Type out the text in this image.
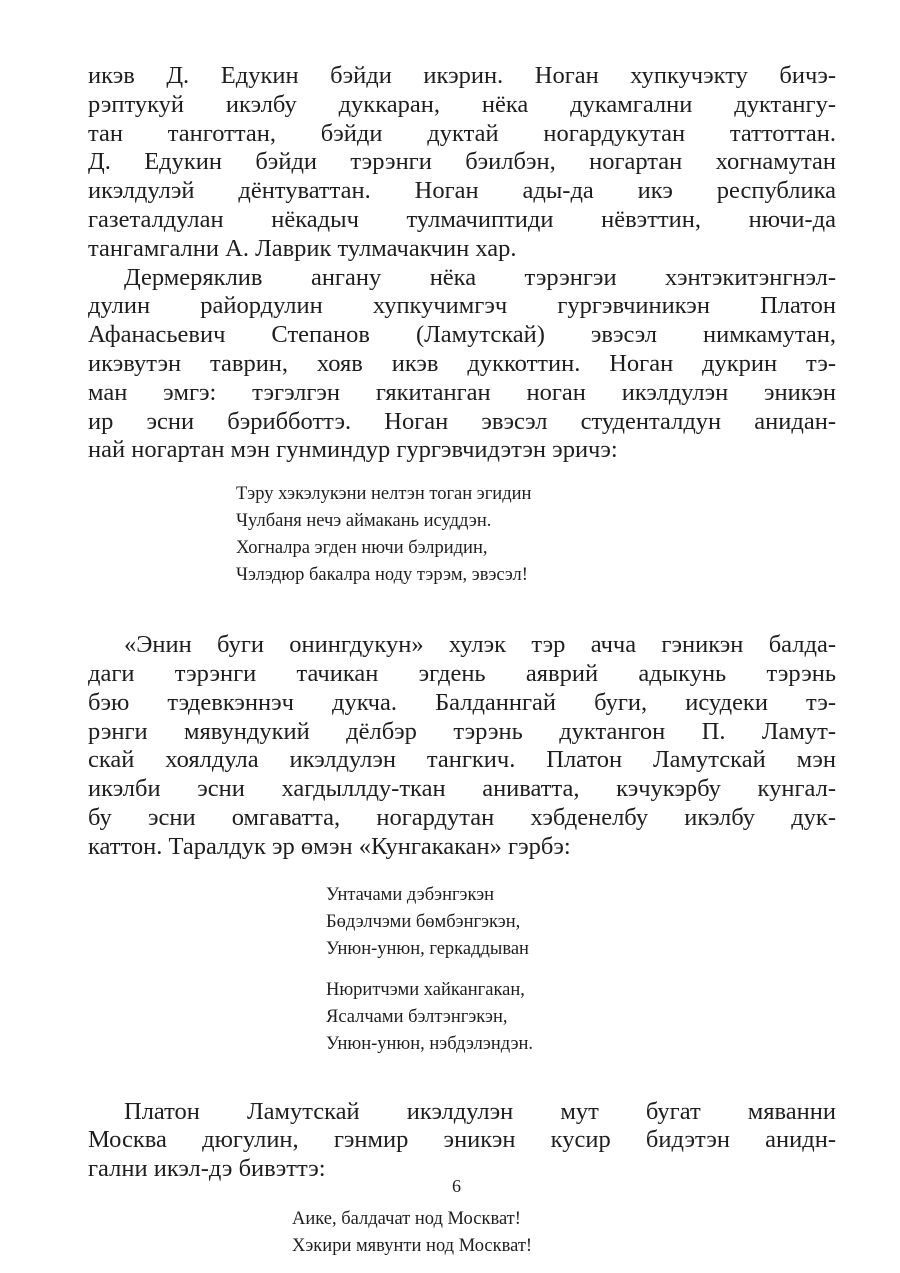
икэв Д. Едукин бэйди икэрин. Ноган хупкучэкту бичэ-
рэптукуй икэлбу дуккаран, нёка дукамгални дуктангу-
тан танготтан, бэйди дуктай ногардукутан таттоттан.
Д. Едукин бэйди тэрэнги бэилбэн, ногартан хогнамутан
икэлдулэй дёнтуваттан. Ноган ады-да икэ республика
газеталдулан нёкадыч тулмачиптиди нёвэттин, нючи-да
тангамгални А. Лаврик тулмачакчин хар.
Дермеряклив ангану нёка тэрэнгэи хэнтэкитэнгнэл-
дулин райордулин хупкучимгэч гургэвчиникэн Платон
Афанасьевич Степанов (Ламутскай) эвэсэл нимкамутан,
икэвутэн таврин, хояв икэв дуккоттин. Ноган дукрин тэ-
ман эмгэ: тэгэлгэн гякитанган ноган икэлдулэн эникэн
ир эсни бэрибботтэ. Ноган эвэсэл студенталдун анидан-
най ногартан мэн гунминдур гургэвчидэтэн эричэ:
Тэру хэкэлукэни нелтэн тоган эгидин
Чулбаня нечэ аймакань исуддэн.
Хогналра эгден нючи бэлридин,
Чэлэдюр бакалра ноду тэрэм, эвэсэл!
«Энин буги онингдукун» хулэк тэр аччa гэникэн балда-
даги тэрэнги тачикан эгдень аяврий адыкунь тэрэнь
бэю тэдевкэннэч дукча. Балданнгай буги, исудеки тэ-
рэнги мявундукий дёлбэр тэрэнь дуктангон П. Ламут-
скай хоялдула икэлдулэн тангкич. Платон Ламутскай мэн
икэлби эсни хагдыллду-ткан аниватта, кэчукэрбу кунгал-
бу эсни омгаватта, ногардутан хэбденелбу икэлбу дук-
каттон. Таралдук эр өмэн «Кунгакакан» гэрбэ:
Унтачами дэбэнгэкэн
Бөдэлчэми бөмбэнгэкэн,
Унюн-унюн, геркаддыван
Нюритчэми хайкангакан,
Ясалчами бэлтэнгэкэн,
Унюн-унюн, нэбдэлэндэн.
Платон Ламутскай икэлдулэн мут бугат мяванни
Москва дюгулин, гэнмир эникэн кусир бидэтэн анидн-
гални икэл-дэ бивэттэ:
Аике, балдачат нод Москват!
Хэкири мявунти нод Москват!
6
